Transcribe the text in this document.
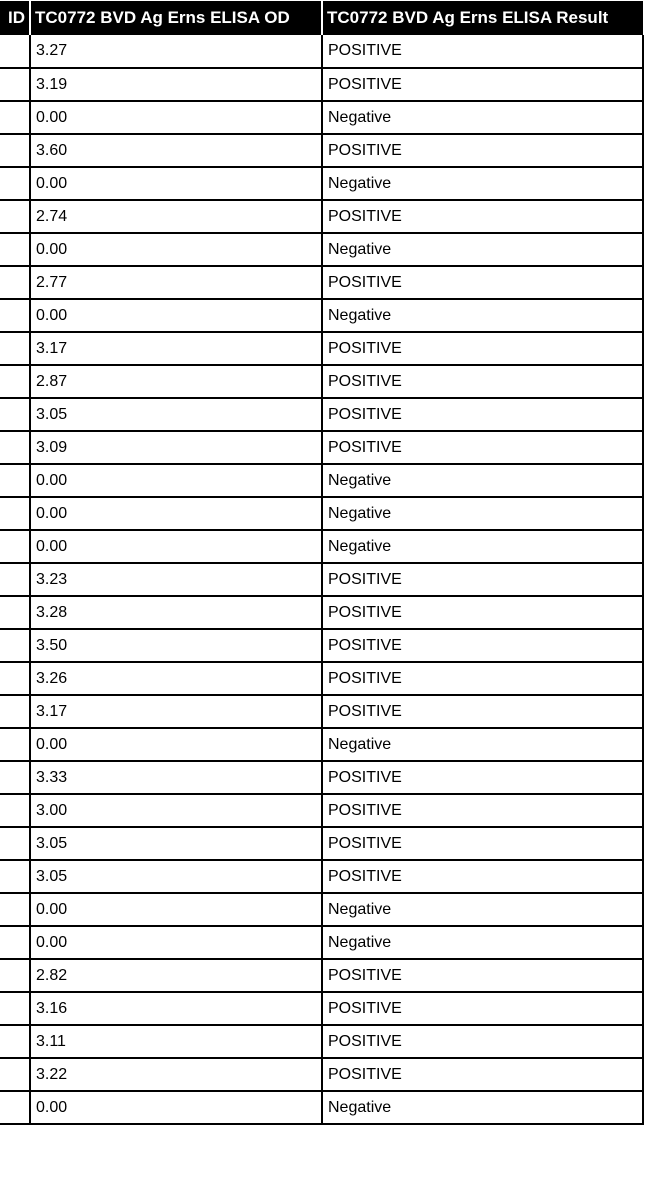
ID	TC0772 BVD Ag Erns ELISA OD	TC0772 BVD Ag Erns ELISA Result
	3.27	POSITIVE
	3.19	POSITIVE
	0.00	Negative
	3.60	POSITIVE
	0.00	Negative
	2.74	POSITIVE
	0.00	Negative
	2.77	POSITIVE
	0.00	Negative
	3.17	POSITIVE
	2.87	POSITIVE
	3.05	POSITIVE
	3.09	POSITIVE
	0.00	Negative
	0.00	Negative
	0.00	Negative
	3.23	POSITIVE
	3.28	POSITIVE
	3.50	POSITIVE
	3.26	POSITIVE
	3.17	POSITIVE
	0.00	Negative
	3.33	POSITIVE
	3.00	POSITIVE
	3.05	POSITIVE
	3.05	POSITIVE
	0.00	Negative
	0.00	Negative
	2.82	POSITIVE
	3.16	POSITIVE
	3.11	POSITIVE
	3.22	POSITIVE
	0.00	Negative
